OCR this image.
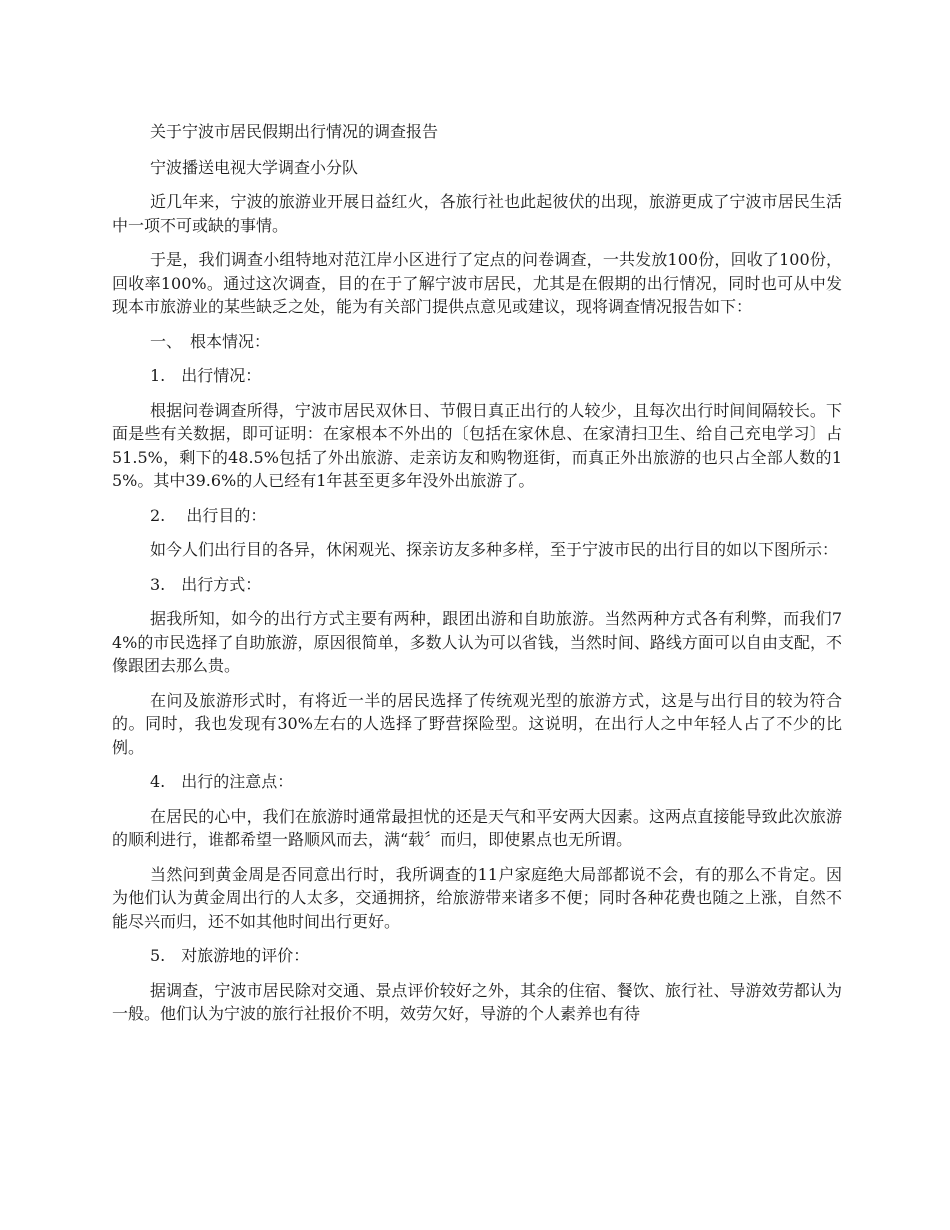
关于宁波市居民假期出行情况的调查报告

宁波播送电视大学调查小分队

近几年来，宁波的旅游业开展日益红火，各旅行社也此起彼伏的出现，旅游更成了宁波市居民生活中一项不可或缺的事情。

于是，我们调查小组特地对范江岸小区进行了定点的问卷调查，一共发放100份，回收了100份，回收率100%。通过这次调查，目的在于了解宁波市居民，尤其是在假期的出行情况，同时也可从中发现本市旅游业的某些缺乏之处，能为有关部门提供点意见或建议，现将调查情况报告如下：

一、　根本情况：

1.　出行情况：

根据问卷调查所得，宁波市居民双休日、节假日真正出行的人较少，且每次出行时间间隔较长。下面是些有关数据，即可证明：在家根本不外出的〔包括在家休息、在家清扫卫生、给自己充电学习〕占51.5%，剩下的48.5%包括了外出旅游、走亲访友和购物逛街，而真正外出旅游的也只占全部人数的15%。其中39.6%的人已经有1年甚至更多年没外出旅游了。

2.　 出行目的：

如今人们出行目的各异，休闲观光、探亲访友多种多样，至于宁波市民的出行目的如以下图所示：

3.　出行方式：

据我所知，如今的出行方式主要有两种，跟团出游和自助旅游。当然两种方式各有利弊，而我们74%的市民选择了自助旅游，原因很简单，多数人认为可以省钱，当然时间、路线方面可以自由支配，不像跟团去那么贵。

在问及旅游形式时，有将近一半的居民选择了传统观光型的旅游方式，这是与出行目的较为符合的。同时，我也发现有30%左右的人选择了野营探险型。这说明，在出行人之中年轻人占了不少的比例。

4.　出行的注意点：

在居民的心中，我们在旅游时通常最担忧的还是天气和平安两大因素。这两点直接能导致此次旅游的顺利进行，谁都希望一路顺风而去，满“载〞而归，即使累点也无所谓。

当然问到黄金周是否同意出行时，我所调查的11户家庭绝大局部都说不会，有的那么不肯定。因为他们认为黄金周出行的人太多，交通拥挤，给旅游带来诸多不便；同时各种花费也随之上涨，自然不能尽兴而归，还不如其他时间出行更好。

5.　对旅游地的评价：

据调查，宁波市居民除对交通、景点评价较好之外，其余的住宿、餐饮、旅行社、导游效劳都认为一般。他们认为宁波的旅行社报价不明，效劳欠好，导游的个人素养也有待
